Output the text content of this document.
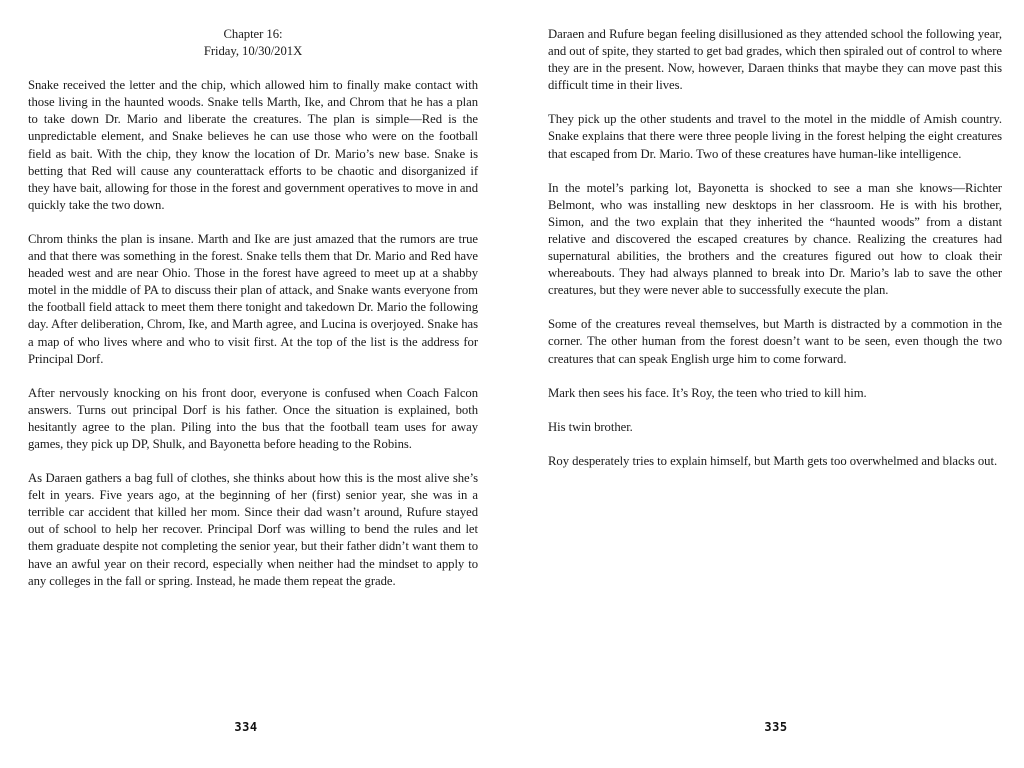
Chapter 16:
Friday, 10/30/201X

Snake received the letter and the chip, which allowed him to finally make contact with those living in the haunted woods. Snake tells Marth, Ike, and Chrom that he has a plan to take down Dr. Mario and liberate the creatures. The plan is simple—Red is the unpredictable element, and Snake believes he can use those who were on the football field as bait. With the chip, they know the location of Dr. Mario’s new base. Snake is betting that Red will cause any counterattack efforts to be chaotic and disorganized if they have bait, allowing for those in the forest and government operatives to move in and quickly take the two down.

Chrom thinks the plan is insane. Marth and Ike are just amazed that the rumors are true and that there was something in the forest. Snake tells them that Dr. Mario and Red have headed west and are near Ohio. Those in the forest have agreed to meet up at a shabby motel in the middle of PA to discuss their plan of attack, and Snake wants everyone from the football field attack to meet them there tonight and takedown Dr. Mario the following day. After deliberation, Chrom, Ike, and Marth agree, and Lucina is overjoyed. Snake has a map of who lives where and who to visit first. At the top of the list is the address for Principal Dorf.

After nervously knocking on his front door, everyone is confused when Coach Falcon answers. Turns out principal Dorf is his father. Once the situation is explained, both hesitantly agree to the plan. Piling into the bus that the football team uses for away games, they pick up DP, Shulk, and Bayonetta before heading to the Robins.

As Daraen gathers a bag full of clothes, she thinks about how this is the most alive she’s felt in years. Five years ago, at the beginning of her (first) senior year, she was in a terrible car accident that killed her mom. Since their dad wasn’t around, Rufure stayed out of school to help her recover. Principal Dorf was willing to bend the rules and let them graduate despite not completing the senior year, but their father didn’t want them to have an awful year on their record, especially when neither had the mindset to apply to any colleges in the fall or spring. Instead, he made them repeat the grade.

334

Daraen and Rufure began feeling disillusioned as they attended school the following year, and out of spite, they started to get bad grades, which then spiraled out of control to where they are in the present. Now, however, Daraen thinks that maybe they can move past this difficult time in their lives.

They pick up the other students and travel to the motel in the middle of Amish country. Snake explains that there were three people living in the forest helping the eight creatures that escaped from Dr. Mario. Two of these creatures have human-like intelligence.

In the motel’s parking lot, Bayonetta is shocked to see a man she knows—Richter Belmont, who was installing new desktops in her classroom. He is with his brother, Simon, and the two explain that they inherited the “haunted woods” from a distant relative and discovered the escaped creatures by chance. Realizing the creatures had supernatural abilities, the brothers and the creatures figured out how to cloak their whereabouts. They had always planned to break into Dr. Mario’s lab to save the other creatures, but they were never able to successfully execute the plan.

Some of the creatures reveal themselves, but Marth is distracted by a commotion in the corner. The other human from the forest doesn’t want to be seen, even though the two creatures that can speak English urge him to come forward.

Mark then sees his face. It’s Roy, the teen who tried to kill him.

His twin brother.

Roy desperately tries to explain himself, but Marth gets too overwhelmed and blacks out.

335
